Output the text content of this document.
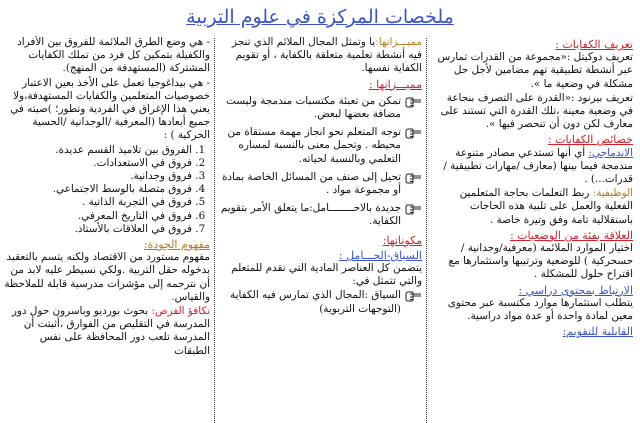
ملخصات المركزة في علوم التربية
تعريف الكفايات :

تعريف دوكيتل :«مجموعة من القدرات تمارس عبر أنشطة تطبيقية تهم مضامين لأجل حل مشكلة في وضعية ما ».

تعريف بيرنود :«القدرة على التصرف بنجاعة في وضعية معينة ،تلك القدرة التي تستند على معارف لكن دون أن تنحصر فيها ».

خصائص الكفايات :

الاندماجي: أي أنها تستدعي مصادر متنوعة مندمجة فيما بينها (معارف /مهارات تطبيقية /قدرات...) .

الوظيفية: ربط التعلمات بحاجة المتعلمين الفعلية والعمل على تلبية هذه الحاجات باستقلالية تامة وفق وتيرة خاصة .

العلاقة بفئة من الوضعيات :

اختيار الموارد الملائمة (معرفية/وجدانية /حسحركية ) للوضعية وترتيبها واستثمارها مع اقتراح حلول للمشكلة .

الارتباط بمحتوى دراسي :

يتطلب استثمارها موارد مكتسبة عبر محتوى معين لمادة واحدة أو عدة مواد دراسية.

القابلية للتقويم:

مميـــزاتها:يا وتمثل المجال الملائم الذي تنجز فيه أنشطة تعلمية متعلقة بالكفاية ، أو تقويم الكفاية نفسها.

مميـــزاتها :
تمكن من تعبئة مكتسبات مندمجة وليست مضافة بعضها لبعض.
توجه المتعلم نحو انجاز مهمة مستقاة من محيطه . وتحمل معنى بالنسبة لمساره التعلمي وبالنسبة لحياته.
تحيل إلى صنف من المسائل الخاصة بمادة أو مجموعة مواد .
جديدة بالاحــــــــامل:ما يتعلق الأمر بتقويم الكفاية.
مكوناتها:
السياق-الحـــامل :

يتضمن كل العناصر المادية التي تقدم للمتعلم والتي تتمثل في:

السياق :المجال الذي تمارس فيه الكفاية (التوجهات التربوية)

- هي وضع الطرق الملائمة للفروق بين الأفراد والكفيلة بتمكين كل فرد من تملك الكفايات المشتركة (المستهدفة من المنهج).

- هي بيداغوجيا تعمل على الأخذ بعين الاعتبار خصوصيات المتعلمين والكفايات المستهدفة،ولا يعني هذا الإغراق في الفردية وتطور؛ )صيته في جميع أبعادها (المعرفية /الوجدانية /الحسية الحركية ) :

1. الفروق بين تلاميذ القسم عديدة.
2. فروق في الاستعدادات.
3. فروق وجدانية.
4. فروق متصلة بالوسط الاجتماعي.
5. فروق في التجربة الذاتية .
6. فروق في التاريخ المعرفي.
7. فروق في العلاقات بالأستاذ.
مفهوم الجودة:

مفهوم مستورد من الاقتصاد ولكنه يتسم بالتعقيد بدخوله حقل التربية .ولكي نسيطر عليه لابد من أن نترجمه إلى مؤشرات مدرسية قابلة للملاحظة والقياس.

تكافؤ الفرص: بحوث بورديو وباسرون حول دور المدرسة في التقليص من الفوارق ،أثبتت أن المدرسة تلعب دور المحافظة على نفس الطبقات
